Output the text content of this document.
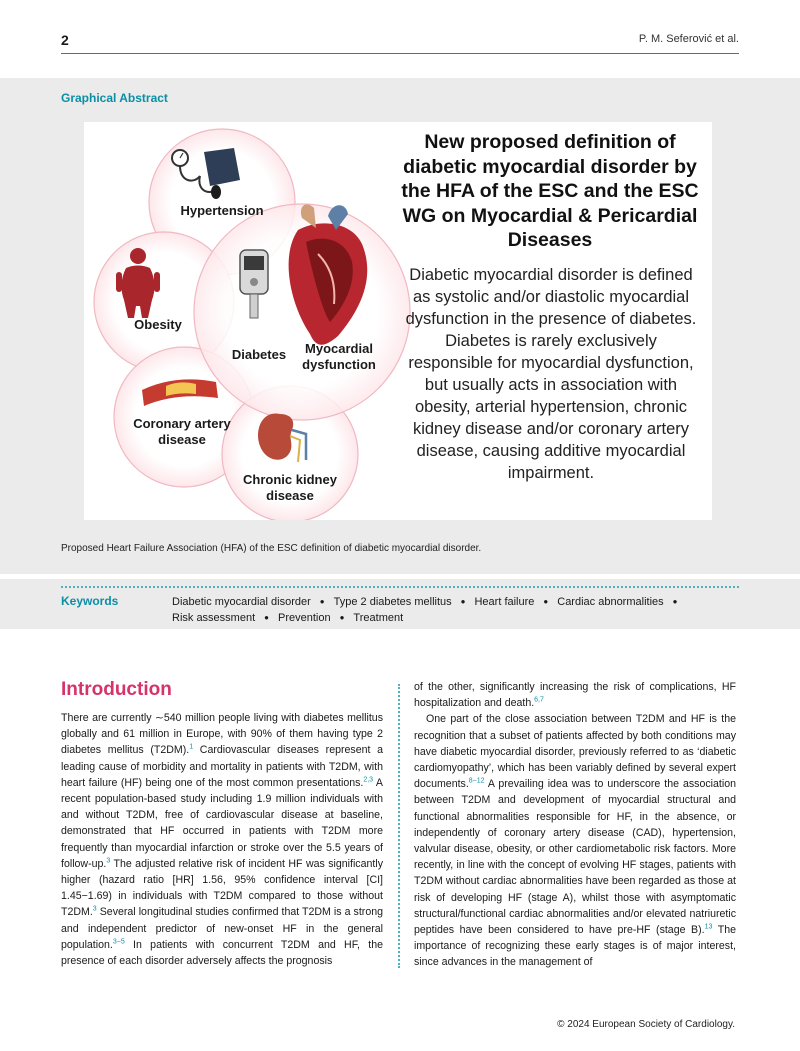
2	P. M. Seferović et al.
Graphical Abstract
Hypertension
Obesity
Diabetes	Myocardial dysfunction
Coronary artery disease
Chronic kidney disease
New proposed definition of diabetic myocardial disorder by the HFA of the ESC and the ESC WG on Myocardial & Pericardial Diseases
Diabetic myocardial disorder is defined as systolic and/or diastolic myocardial dysfunction in the presence of diabetes. Diabetes is rarely exclusively responsible for myocardial dysfunction, but usually acts in association with obesity, arterial hypertension, chronic kidney disease and/or coronary artery disease, causing additive myocardial impairment.
Proposed Heart Failure Association (HFA) of the ESC definition of diabetic myocardial disorder.
Keywords	Diabetic myocardial disorder ● Type 2 diabetes mellitus ● Heart failure ● Cardiac abnormalities ●
Risk assessment ● Prevention ● Treatment
Introduction

There are currently ∼540 million people living with diabetes mellitus globally and 61 million in Europe, with 90% of them having type 2 diabetes mellitus (T2DM).$^1$ Cardiovascular diseases represent a leading cause of morbidity and mortality in patients with T2DM, with heart failure (HF) being one of the most common presentations.$^{2,3}$ A recent population-based study including 1.9 million individuals with and without T2DM, free of cardiovascular disease at baseline, demonstrated that HF occurred in patients with T2DM more frequently than myocardial infarction or stroke over the 5.5 years of follow-up.$^3$ The adjusted relative risk of incident HF was significantly higher (hazard ratio [HR] 1.56, 95% confidence interval [CI] 1.45−1.69) in individuals with T2DM compared to those without T2DM.$^3$ Several longitudinal studies confirmed that T2DM is a strong and independent predictor of new-onset HF in the general population.$^{3-5}$ In patients with concurrent T2DM and HF, the presence of each disorder adversely affects the prognosis

of the other, significantly increasing the risk of complications, HF hospitalization and death.$^{6,7}$

One part of the close association between T2DM and HF is the recognition that a subset of patients affected by both conditions may have diabetic myocardial disorder, previously referred to as ‘diabetic cardiomyopathy’, which has been variably defined by several expert documents.$^{8-12}$ A prevailing idea was to underscore the association between T2DM and development of myocardial structural and functional abnormalities responsible for HF, in the absence, or independently of coronary artery disease (CAD), hypertension, valvular disease, obesity, or other cardiometabolic risk factors. More recently, in line with the concept of evolving HF stages, patients with T2DM without cardiac abnormalities have been regarded as those at risk of developing HF (stage A), whilst those with asymptomatic structural/functional cardiac abnormalities and/or elevated natriuretic peptides have been considered to have pre-HF (stage B).$^{13}$ The importance of recognizing these early stages is of major interest, since advances in the management of

© 2024 European Society of Cardiology.
